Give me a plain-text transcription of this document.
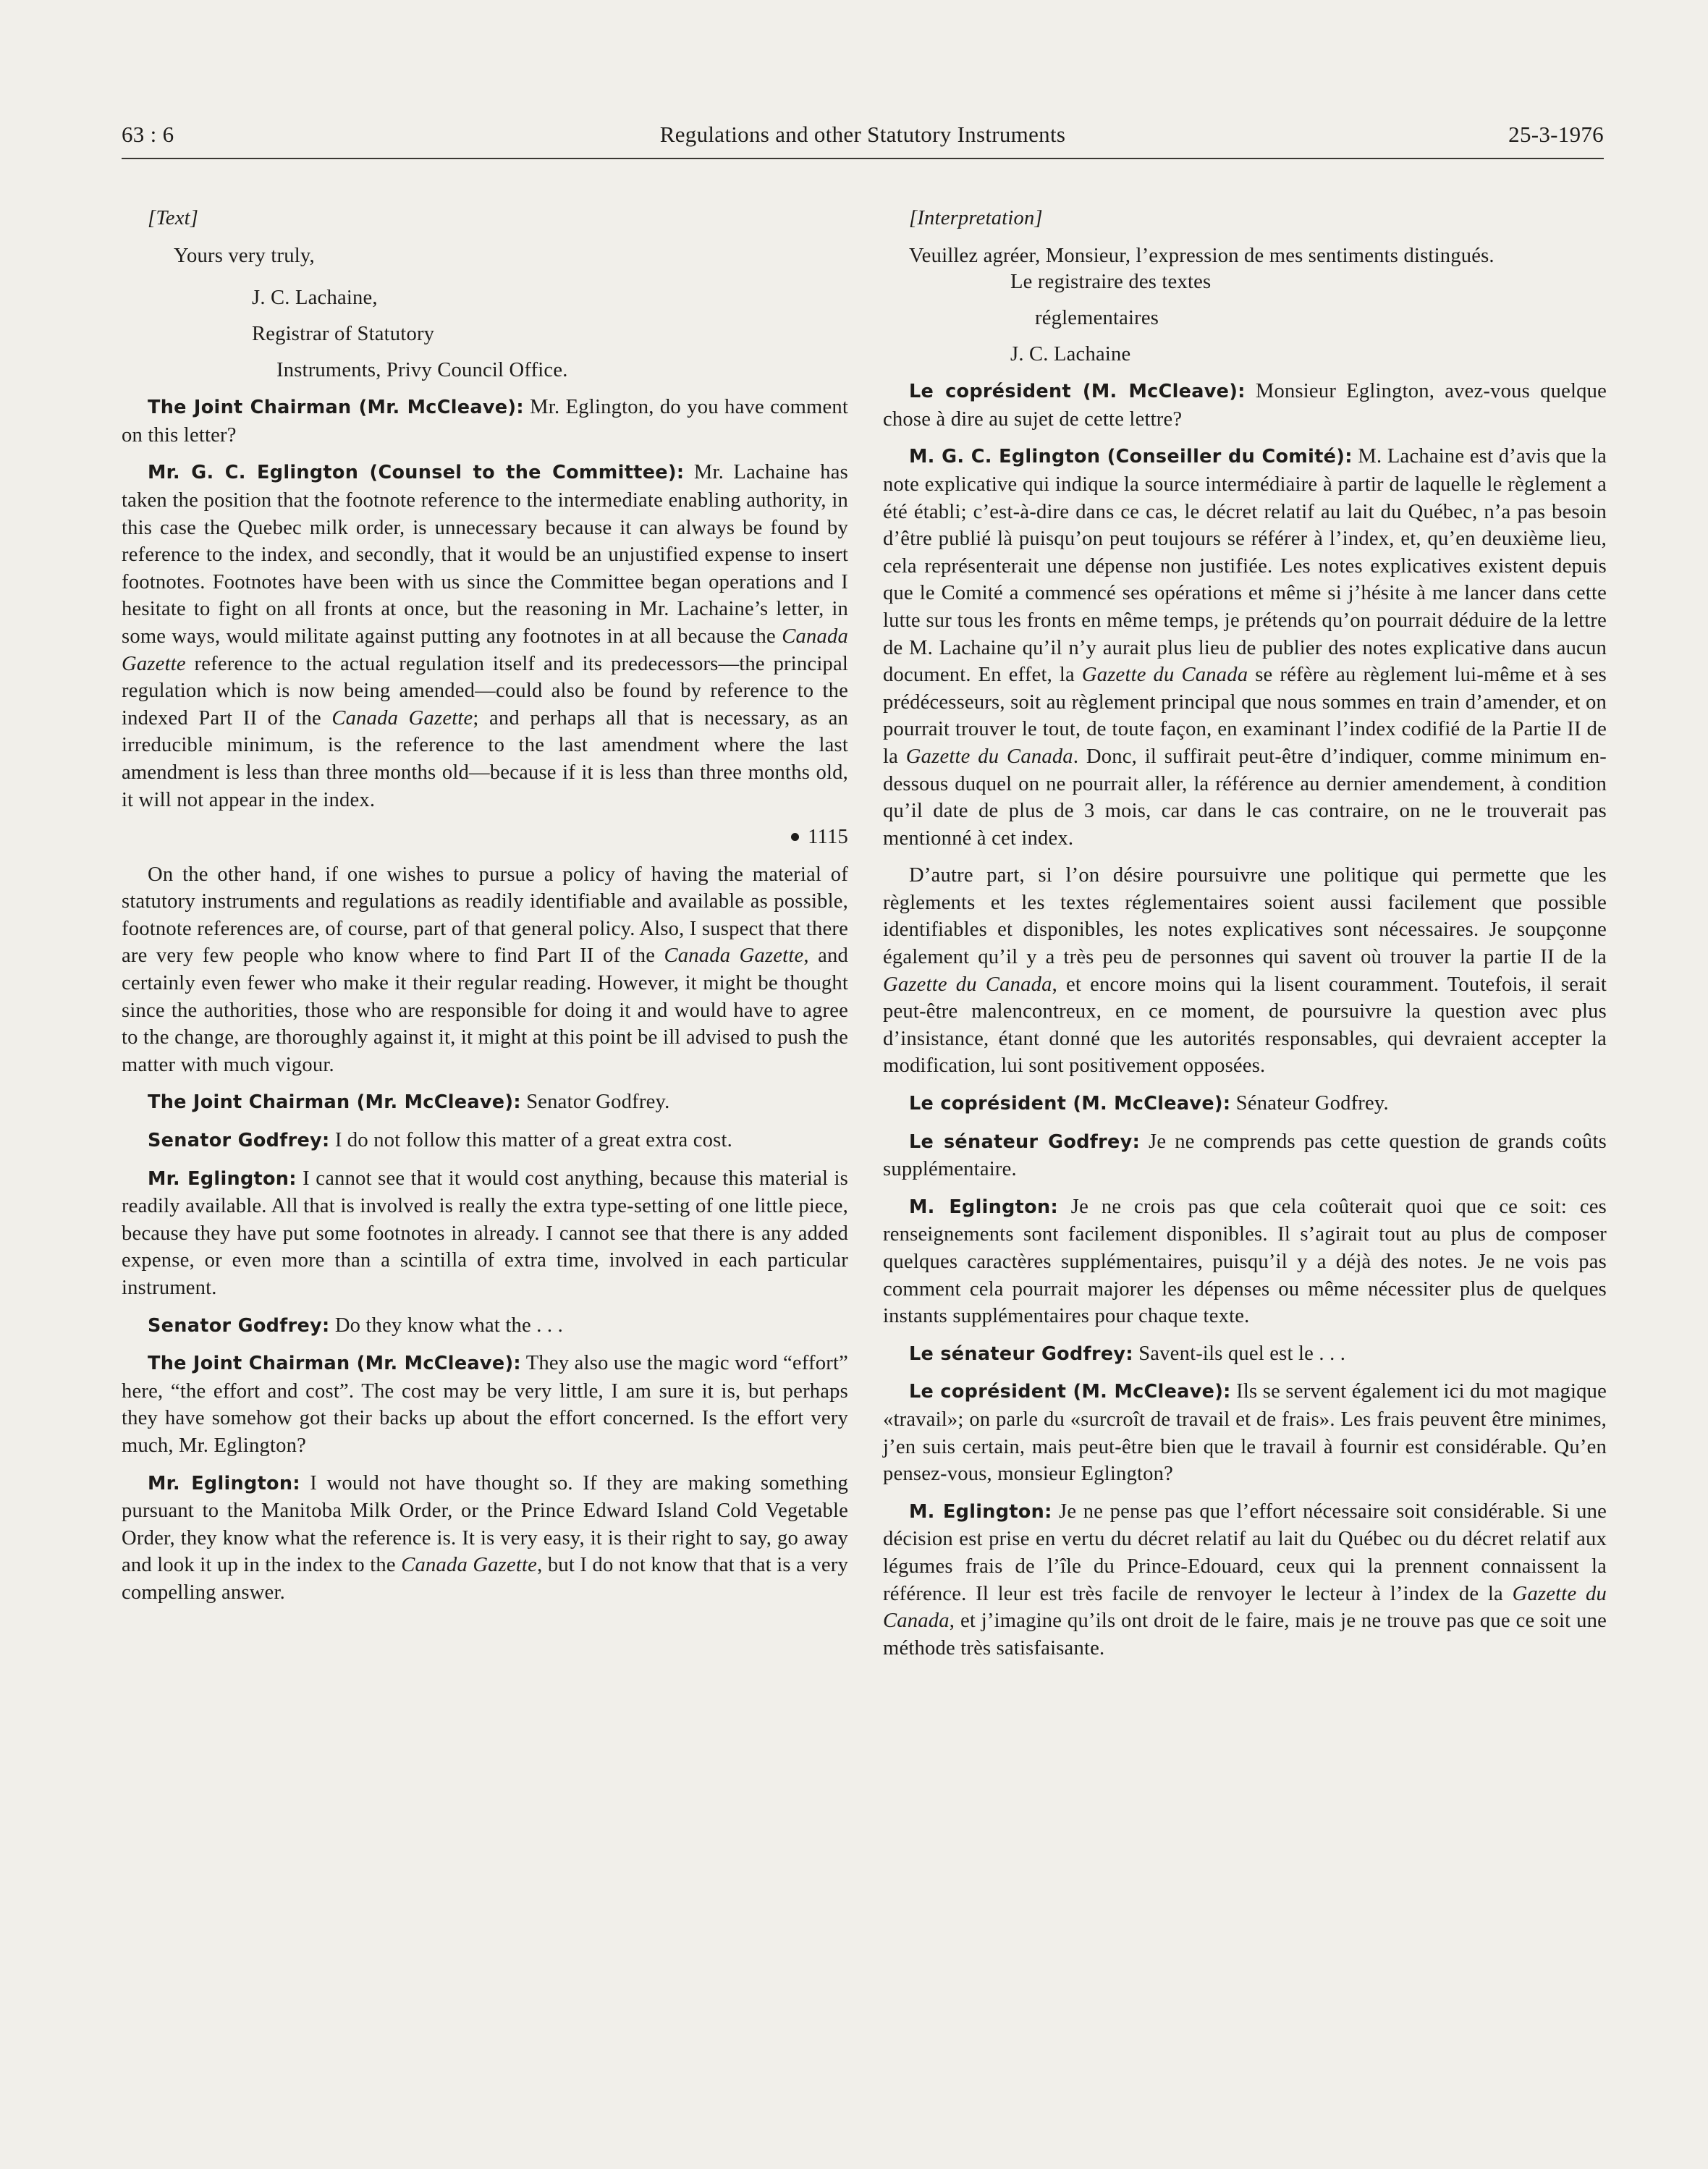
63 : 6	Regulations and other Statutory Instruments	25-3-1976

[Text]

Yours very truly,

J. C. Lachaine,

Registrar of Statutory

Instruments, Privy Council Office.

The Joint Chairman (Mr. McCleave): Mr. Eglington, do you have comment on this letter?

Mr. G. C. Eglington (Counsel to the Committee): Mr. Lachaine has taken the position that the footnote reference to the intermediate enabling authority, in this case the Quebec milk order, is unnecessary because it can always be found by reference to the index, and secondly, that it would be an unjustified expense to insert footnotes. Footnotes have been with us since the Committee began operations and I hesitate to fight on all fronts at once, but the reasoning in Mr. Lachaine’s letter, in some ways, would militate against putting any footnotes in at all because the Canada Gazette reference to the actual regulation itself and its predecessors—the principal regulation which is now being amended—could also be found by reference to the indexed Part II of the Canada Gazette; and perhaps all that is necessary, as an irreducible minimum, is the reference to the last amendment where the last amendment is less than three months old—because if it is less than three months old, it will not appear in the index.

1115

On the other hand, if one wishes to pursue a policy of having the material of statutory instruments and regulations as readily identifiable and available as possible, footnote references are, of course, part of that general policy. Also, I suspect that there are very few people who know where to find Part II of the Canada Gazette, and certainly even fewer who make it their regular reading. However, it might be thought since the authorities, those who are responsible for doing it and would have to agree to the change, are thoroughly against it, it might at this point be ill advised to push the matter with much vigour.

The Joint Chairman (Mr. McCleave): Senator Godfrey.

Senator Godfrey: I do not follow this matter of a great extra cost.

Mr. Eglington: I cannot see that it would cost anything, because this material is readily available. All that is involved is really the extra type-setting of one little piece, because they have put some footnotes in already. I cannot see that there is any added expense, or even more than a scintilla of extra time, involved in each particular instrument.

Senator Godfrey: Do they know what the . . .

The Joint Chairman (Mr. McCleave): They also use the magic word “effort” here, “the effort and cost”. The cost may be very little, I am sure it is, but perhaps they have somehow got their backs up about the effort concerned. Is the effort very much, Mr. Eglington?

Mr. Eglington: I would not have thought so. If they are making something pursuant to the Manitoba Milk Order, or the Prince Edward Island Cold Vegetable Order, they know what the reference is. It is very easy, it is their right to say, go away and look it up in the index to the Canada Gazette, but I do not know that that is a very compelling answer.

[Interpretation]

Veuillez agréer, Monsieur, l’expression de mes sentiments distingués.

Le registraire des textes

réglementaires

J. C. Lachaine

Le coprésident (M. McCleave): Monsieur Eglington, avez-vous quelque chose à dire au sujet de cette lettre?

M. G. C. Eglington (Conseiller du Comité): M. Lachaine est d’avis que la note explicative qui indique la source intermédiaire à partir de laquelle le règlement a été établi; c’est-à-dire dans ce cas, le décret relatif au lait du Québec, n’a pas besoin d’être publié là puisqu’on peut toujours se référer à l’index, et, qu’en deuxième lieu, cela représenterait une dépense non justifiée. Les notes explicatives existent depuis que le Comité a commencé ses opérations et même si j’hésite à me lancer dans cette lutte sur tous les fronts en même temps, je prétends qu’on pourrait déduire de la lettre de M. Lachaine qu’il n’y aurait plus lieu de publier des notes explicative dans aucun document. En effet, la Gazette du Canada se réfère au règlement lui-même et à ses prédécesseurs, soit au règlement principal que nous sommes en train d’amender, et on pourrait trouver le tout, de toute façon, en examinant l’index codifié de la Partie II de la Gazette du Canada. Donc, il suffirait peut-être d’indiquer, comme minimum en-dessous duquel on ne pourrait aller, la référence au dernier amendement, à condition qu’il date de plus de 3 mois, car dans le cas contraire, on ne le trouverait pas mentionné à cet index.

D’autre part, si l’on désire poursuivre une politique qui permette que les règlements et les textes réglementaires soient aussi facilement que possible identifiables et disponibles, les notes explicatives sont nécessaires. Je soupçonne également qu’il y a très peu de personnes qui savent où trouver la partie II de la Gazette du Canada, et encore moins qui la lisent couramment. Toutefois, il serait peut-être malencontreux, en ce moment, de poursuivre la question avec plus d’insistance, étant donné que les autorités responsables, qui devraient accepter la modification, lui sont positivement opposées.

Le coprésident (M. McCleave): Sénateur Godfrey.

Le sénateur Godfrey: Je ne comprends pas cette question de grands coûts supplémentaire.

M. Eglington: Je ne crois pas que cela coûterait quoi que ce soit: ces renseignements sont facilement disponibles. Il s’agirait tout au plus de composer quelques caractères supplémentaires, puisqu’il y a déjà des notes. Je ne vois pas comment cela pourrait majorer les dépenses ou même nécessiter plus de quelques instants supplémentaires pour chaque texte.

Le sénateur Godfrey: Savent-ils quel est le . . .

Le coprésident (M. McCleave): Ils se servent également ici du mot magique «travail»; on parle du «surcroît de travail et de frais». Les frais peuvent être minimes, j’en suis certain, mais peut-être bien que le travail à fournir est considérable. Qu’en pensez-vous, monsieur Eglington?

M. Eglington: Je ne pense pas que l’effort nécessaire soit considérable. Si une décision est prise en vertu du décret relatif au lait du Québec ou du décret relatif aux légumes frais de l’île du Prince-Edouard, ceux qui la prennent connaissent la référence. Il leur est très facile de renvoyer le lecteur à l’index de la Gazette du Canada, et j’imagine qu’ils ont droit de le faire, mais je ne trouve pas que ce soit une méthode très satisfaisante.
